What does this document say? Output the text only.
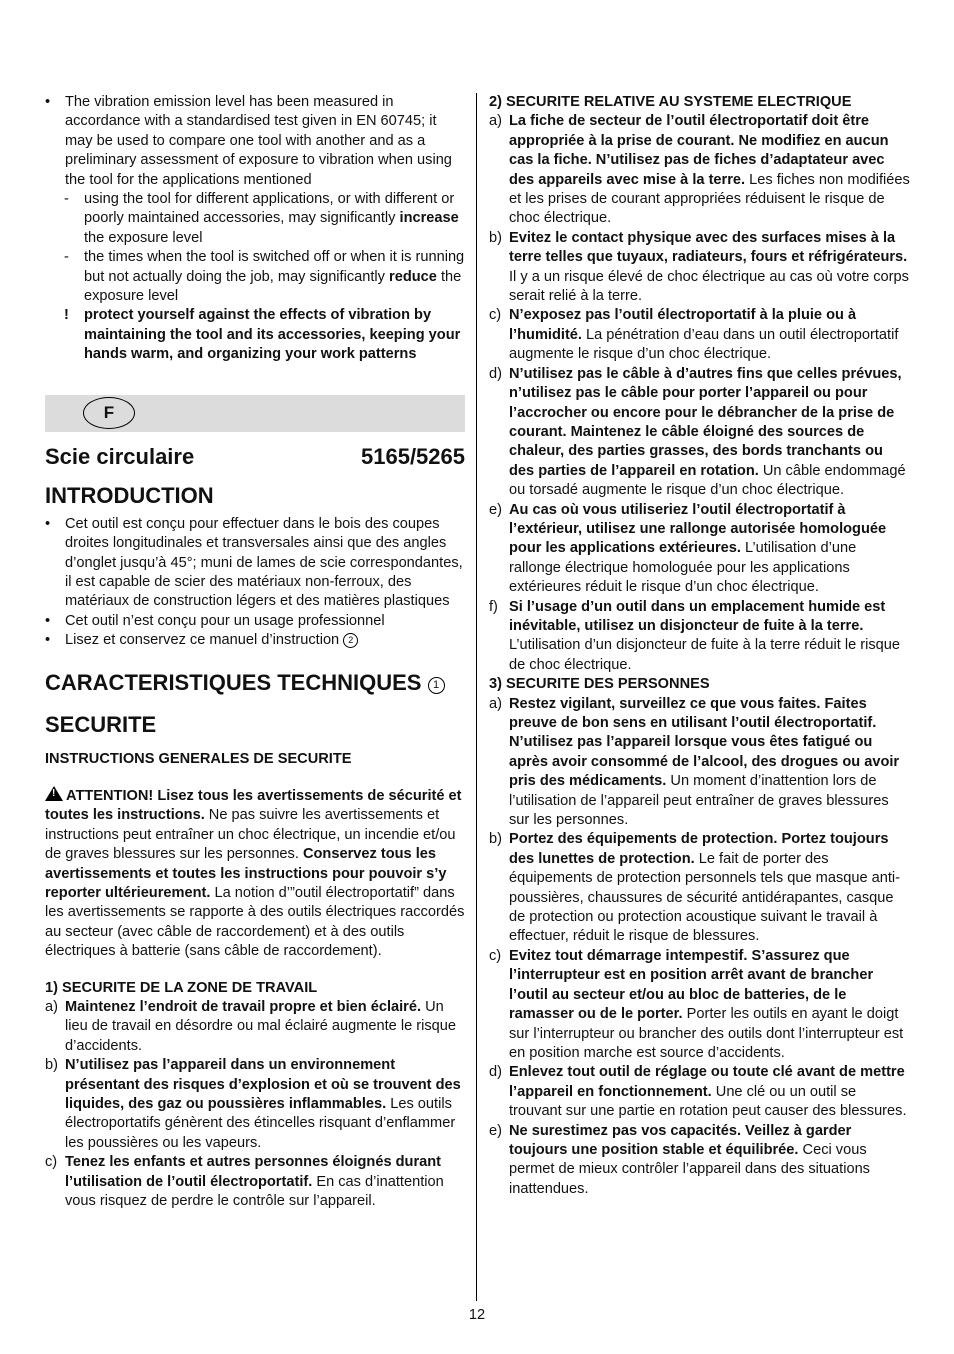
• The vibration emission level has been measured in accordance with a standardised test given in EN 60745; it may be used to compare one tool with another and as a preliminary assessment of exposure to vibration when using the tool for the applications mentioned

- using the tool for different applications, or with different or poorly maintained accessories, may significantly increase the exposure level

- the times when the tool is switched off or when it is running but not actually doing the job, may significantly reduce the exposure level

! protect yourself against the effects of vibration by maintaining the tool and its accessories, keeping your hands warm, and organizing your work patterns

F
Scie circulaire	5165/5265
INTRODUCTION
• Cet outil est conçu pour effectuer dans le bois des coupes droites longitudinales et transversales ainsi que des angles d’onglet jusqu’à 45°; muni de lames de scie correspondantes, il est capable de scier des matériaux non-ferroux, des matériaux de construction légers et des matières plastiques

• Cet outil n’est conçu pour un usage professionnel

• Lisez et conservez ce manuel d’instruction 2

CARACTERISTIQUES TECHNIQUES 1
SECURITE
INSTRUCTIONS GENERALES DE SECURITE

!ATTENTION! Lisez tous les avertissements de sécurité et toutes les instructions. Ne pas suivre les avertissements et instructions peut entraîner un choc électrique, un incendie et/ou de graves blessures sur les personnes. Conservez tous les avertissements et toutes les instructions pour pouvoir s’y reporter ultérieurement. La notion d’”outil électroportatif” dans les avertissements se rapporte à des outils électriques raccordés au secteur (avec câble de raccordement) et à des outils électriques à batterie (sans câble de raccordement).

1) SECURITE DE LA ZONE DE TRAVAIL
a) Maintenez l’endroit de travail propre et bien éclairé. Un lieu de travail en désordre ou mal éclairé augmente le risque d’accidents.

b) N’utilisez pas l’appareil dans un environnement présentant des risques d’explosion et où se trouvent des liquides, des gaz ou poussières inflammables. Les outils électroportatifs génèrent des étincelles risquant d’enflammer les poussières ou les vapeurs.

c) Tenez les enfants et autres personnes éloignés durant l’utilisation de l’outil électroportatif. En cas d’inattention vous risquez de perdre le contrôle sur l’appareil.

2) SECURITE RELATIVE AU SYSTEME ELECTRIQUE
a) La fiche de secteur de l’outil électroportatif doit être appropriée à la prise de courant. Ne modifiez en aucun cas la fiche. N’utilisez pas de fiches d’adaptateur avec des appareils avec mise à la terre. Les fiches non modifiées et les prises de courant appropriées réduisent le risque de choc électrique.

b) Evitez le contact physique avec des surfaces mises à la terre telles que tuyaux, radiateurs, fours et réfrigérateurs. Il y a un risque élevé de choc électrique au cas où votre corps serait relié à la terre.

c) N’exposez pas l’outil électroportatif à la pluie ou à l’humidité. La pénétration d’eau dans un outil électroportatif augmente le risque d’un choc électrique.

d) N’utilisez pas le câble à d’autres fins que celles prévues, n’utilisez pas le câble pour porter l’appareil ou pour l’accrocher ou encore pour le débrancher de la prise de courant. Maintenez le câble éloigné des sources de chaleur, des parties grasses, des bords tranchants ou des parties de l’appareil en rotation. Un câble endommagé ou torsadé augmente le risque d’un choc électrique.

e) Au cas où vous utiliseriez l’outil électroportatif à l’extérieur, utilisez une rallonge autorisée homologuée pour les applications extérieures. L’utilisation d’une rallonge électrique homologuée pour les applications extérieures réduit le risque d’un choc électrique.

f) Si l’usage d’un outil dans un emplacement humide est inévitable, utilisez un disjoncteur de fuite à la terre. L’utilisation d’un disjoncteur de fuite à la terre réduit le risque de choc électrique.

3) SECURITE DES PERSONNES
a) Restez vigilant, surveillez ce que vous faites. Faites preuve de bon sens en utilisant l’outil électroportatif. N’utilisez pas l’appareil lorsque vous êtes fatigué ou après avoir consommé de l’alcool, des drogues ou avoir pris des médicaments. Un moment d’inattention lors de l’utilisation de l’appareil peut entraîner de graves blessures sur les personnes.

b) Portez des équipements de protection. Portez toujours des lunettes de protection. Le fait de porter des équipements de protection personnels tels que masque anti-poussières, chaussures de sécurité antidérapantes, casque de protection ou protection acoustique suivant le travail à effectuer, réduit le risque de blessures.

c) Evitez tout démarrage intempestif. S’assurez que l’interrupteur est en position arrêt avant de brancher l’outil au secteur et/ou au bloc de batteries, de le ramasser ou de le porter. Porter les outils en ayant le doigt sur l’interrupteur ou brancher des outils dont l’interrupteur est en position marche est source d’accidents.

d) Enlevez tout outil de réglage ou toute clé avant de mettre l’appareil en fonctionnement. Une clé ou un outil se trouvant sur une partie en rotation peut causer des blessures.

e) Ne surestimez pas vos capacités. Veillez à garder toujours une position stable et équilibrée. Ceci vous permet de mieux contrôler l’appareil dans des situations inattendues.

12
